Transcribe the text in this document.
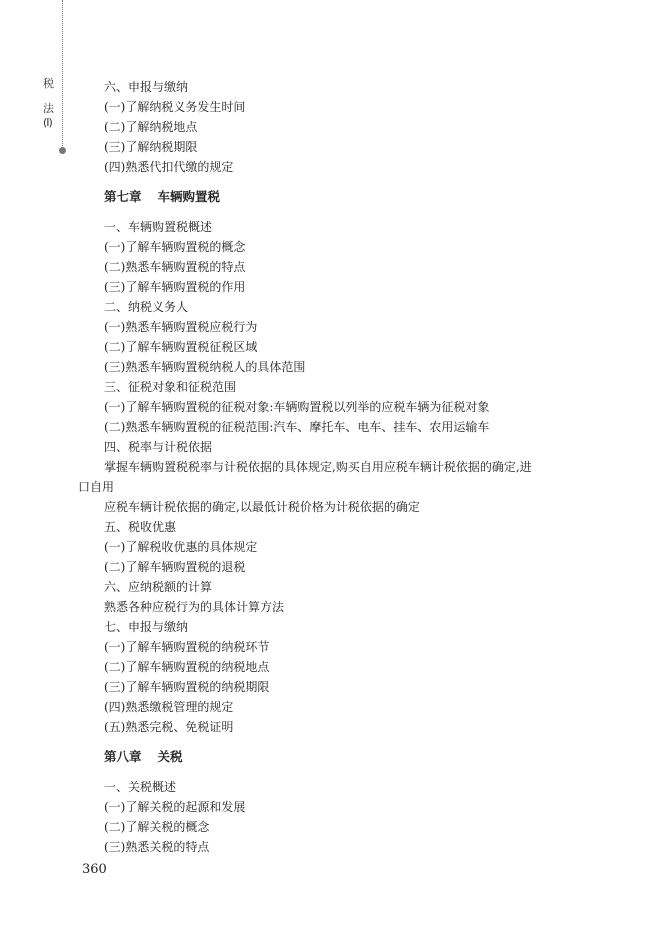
税
法
(Ⅰ)
六、申报与缴纳
(一)了解纳税义务发生时间
(二)了解纳税地点
(三)了解纳税期限
(四)熟悉代扣代缴的规定
第七章 车辆购置税
一、车辆购置税概述
(一)了解车辆购置税的概念
(二)熟悉车辆购置税的特点
(三)了解车辆购置税的作用
二、纳税义务人
(一)熟悉车辆购置税应税行为
(二)了解车辆购置税征税区域
(三)熟悉车辆购置税纳税人的具体范围
三、征税对象和征税范围
(一)了解车辆购置税的征税对象:车辆购置税以列举的应税车辆为征税对象
(二)熟悉车辆购置税的征税范围:汽车、摩托车、电车、挂车、农用运输车
四、税率与计税依据
掌握车辆购置税税率与计税依据的具体规定,购买自用应税车辆计税依据的确定,进
口自用
应税车辆计税依据的确定,以最低计税价格为计税依据的确定
五、税收优惠
(一)了解税收优惠的具体规定
(二)了解车辆购置税的退税
六、应纳税额的计算
熟悉各种应税行为的具体计算方法
七、申报与缴纳
(一)了解车辆购置税的纳税环节
(二)了解车辆购置税的纳税地点
(三)了解车辆购置税的纳税期限
(四)熟悉缴税管理的规定
(五)熟悉完税、免税证明
第八章 关税
一、关税概述
(一)了解关税的起源和发展
(二)了解关税的概念
(三)熟悉关税的特点
360
